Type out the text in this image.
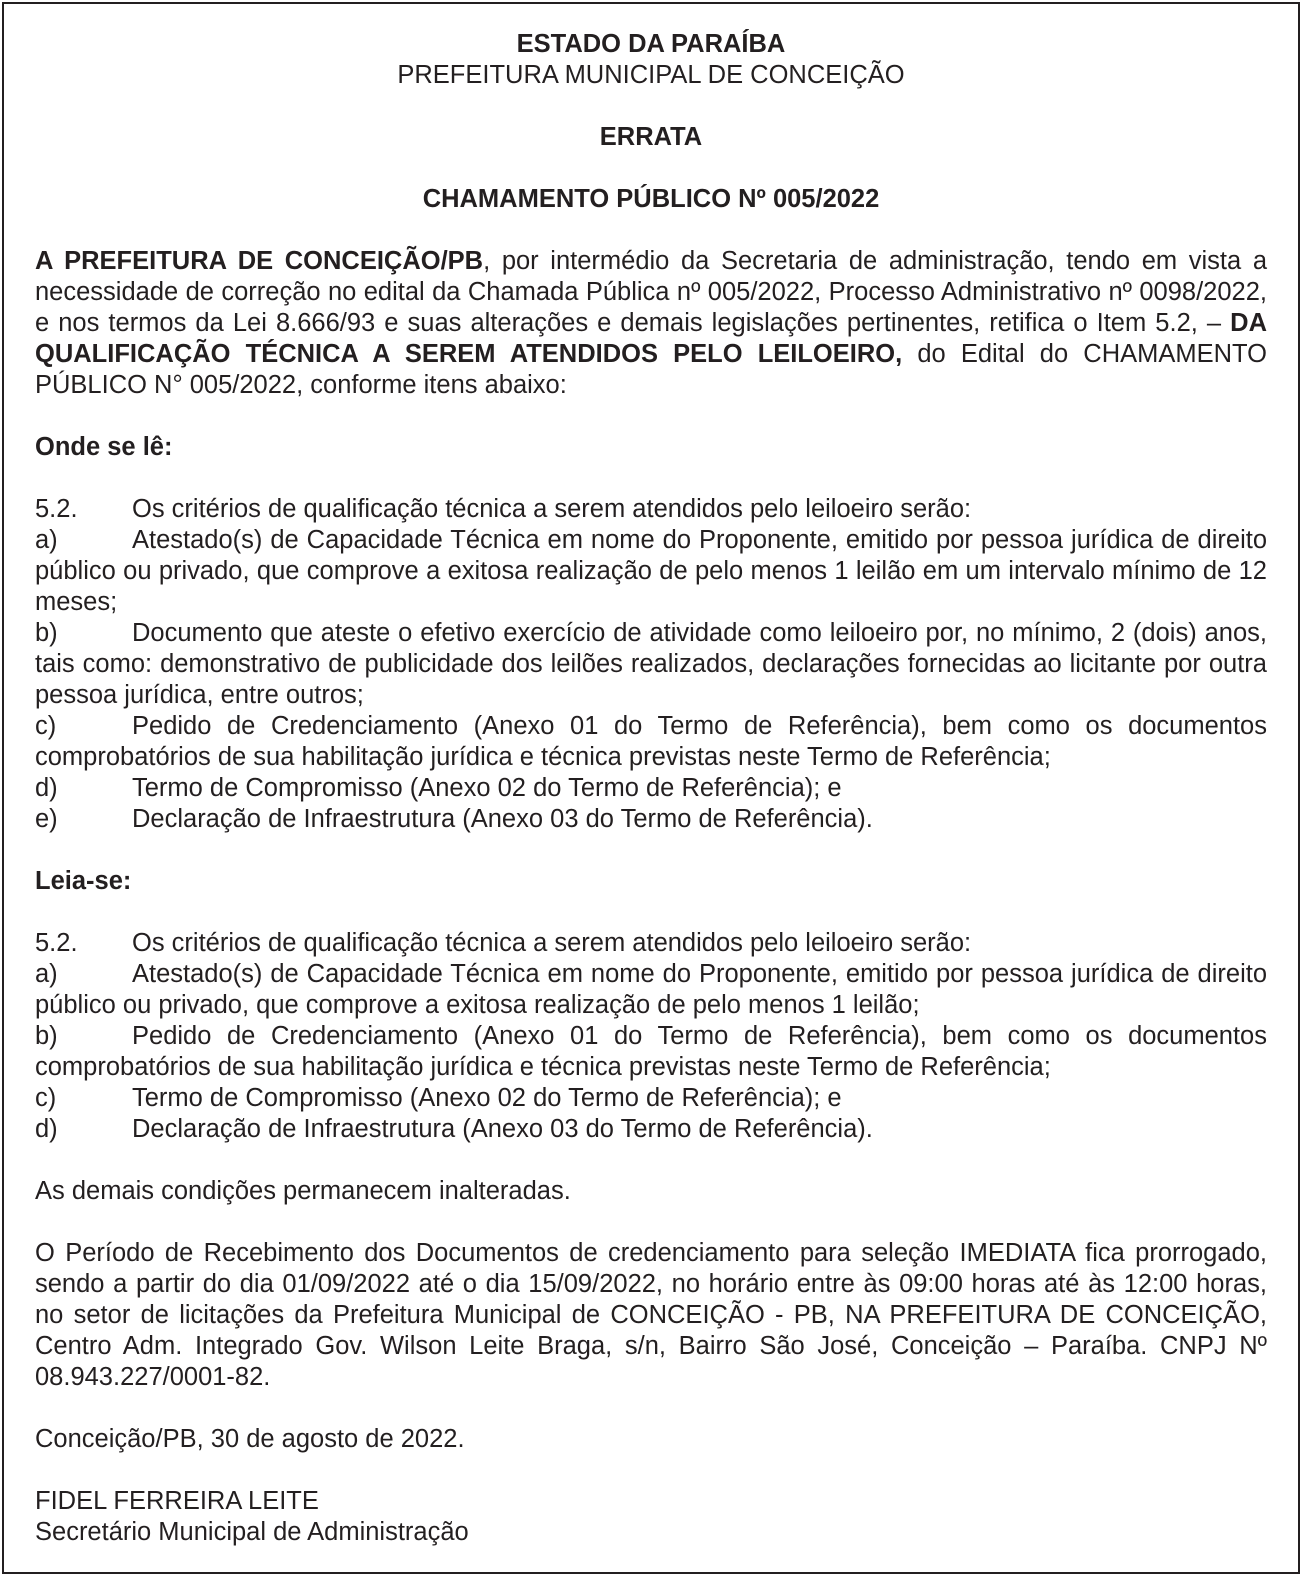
ESTADO DA PARAÍBA

PREFEITURA MUNICIPAL DE CONCEIÇÃO

ERRATA

CHAMAMENTO PÚBLICO Nº 005/2022

A PREFEITURA DE CONCEIÇÃO/PB, por intermédio da Secretaria de administração, tendo em vista a necessidade de correção no edital da Chamada Pública nº 005/2022, Processo Administrativo nº 0098/2022, e nos termos da Lei 8.666/93 e suas alterações e demais legislações pertinentes, retifica o Item 5.2, – DA QUALIFICAÇÃO TÉCNICA A SEREM ATENDIDOS PELO LEILOEIRO, do Edital do CHAMAMENTO PÚBLICO N° 005/2022, conforme itens abaixo:

Onde se lê:

5.2. Os critérios de qualificação técnica a serem atendidos pelo leiloeiro serão:

a)	Atestado(s) de Capacidade Técnica em nome do Proponente, emitido por pessoa jurídica de direito público ou privado, que comprove a exitosa realização de pelo menos 1 leilão em um intervalo mínimo de 12 meses;

b)	Documento que ateste o efetivo exercício de atividade como leiloeiro por, no mínimo, 2 (dois) anos, tais como: demonstrativo de publicidade dos leilões realizados, declarações fornecidas ao licitante por outra pessoa jurídica, entre outros;

c)	Pedido de Credenciamento (Anexo 01 do Termo de Referência), bem como os documentos comprobatórios de sua habilitação jurídica e técnica previstas neste Termo de Referência;

d)	Termo de Compromisso (Anexo 02 do Termo de Referência); e

e)	Declaração de Infraestrutura (Anexo 03 do Termo de Referência).

Leia-se:

5.2. Os critérios de qualificação técnica a serem atendidos pelo leiloeiro serão:

a)	Atestado(s) de Capacidade Técnica em nome do Proponente, emitido por pessoa jurídica de direito público ou privado, que comprove a exitosa realização de pelo menos 1 leilão;

b)	Pedido de Credenciamento (Anexo 01 do Termo de Referência), bem como os documentos comprobatórios de sua habilitação jurídica e técnica previstas neste Termo de Referência;

c)	Termo de Compromisso (Anexo 02 do Termo de Referência); e

d)	Declaração de Infraestrutura (Anexo 03 do Termo de Referência).

As demais condições permanecem inalteradas.

O Período de Recebimento dos Documentos de credenciamento para seleção IMEDIATA fica prorrogado, sendo a partir do dia 01/09/2022 até o dia 15/09/2022, no horário entre às 09:00 horas até às 12:00 horas, no setor de licitações da Prefeitura Municipal de CONCEIÇÃO - PB, NA PREFEITURA DE CONCEIÇÃO, Centro Adm. Integrado Gov. Wilson Leite Braga, s/n, Bairro São José, Conceição – Paraíba. CNPJ Nº 08.943.227/0001-82.

Conceição/PB, 30 de agosto de 2022.

FIDEL FERREIRA LEITE

Secretário Municipal de Administração
